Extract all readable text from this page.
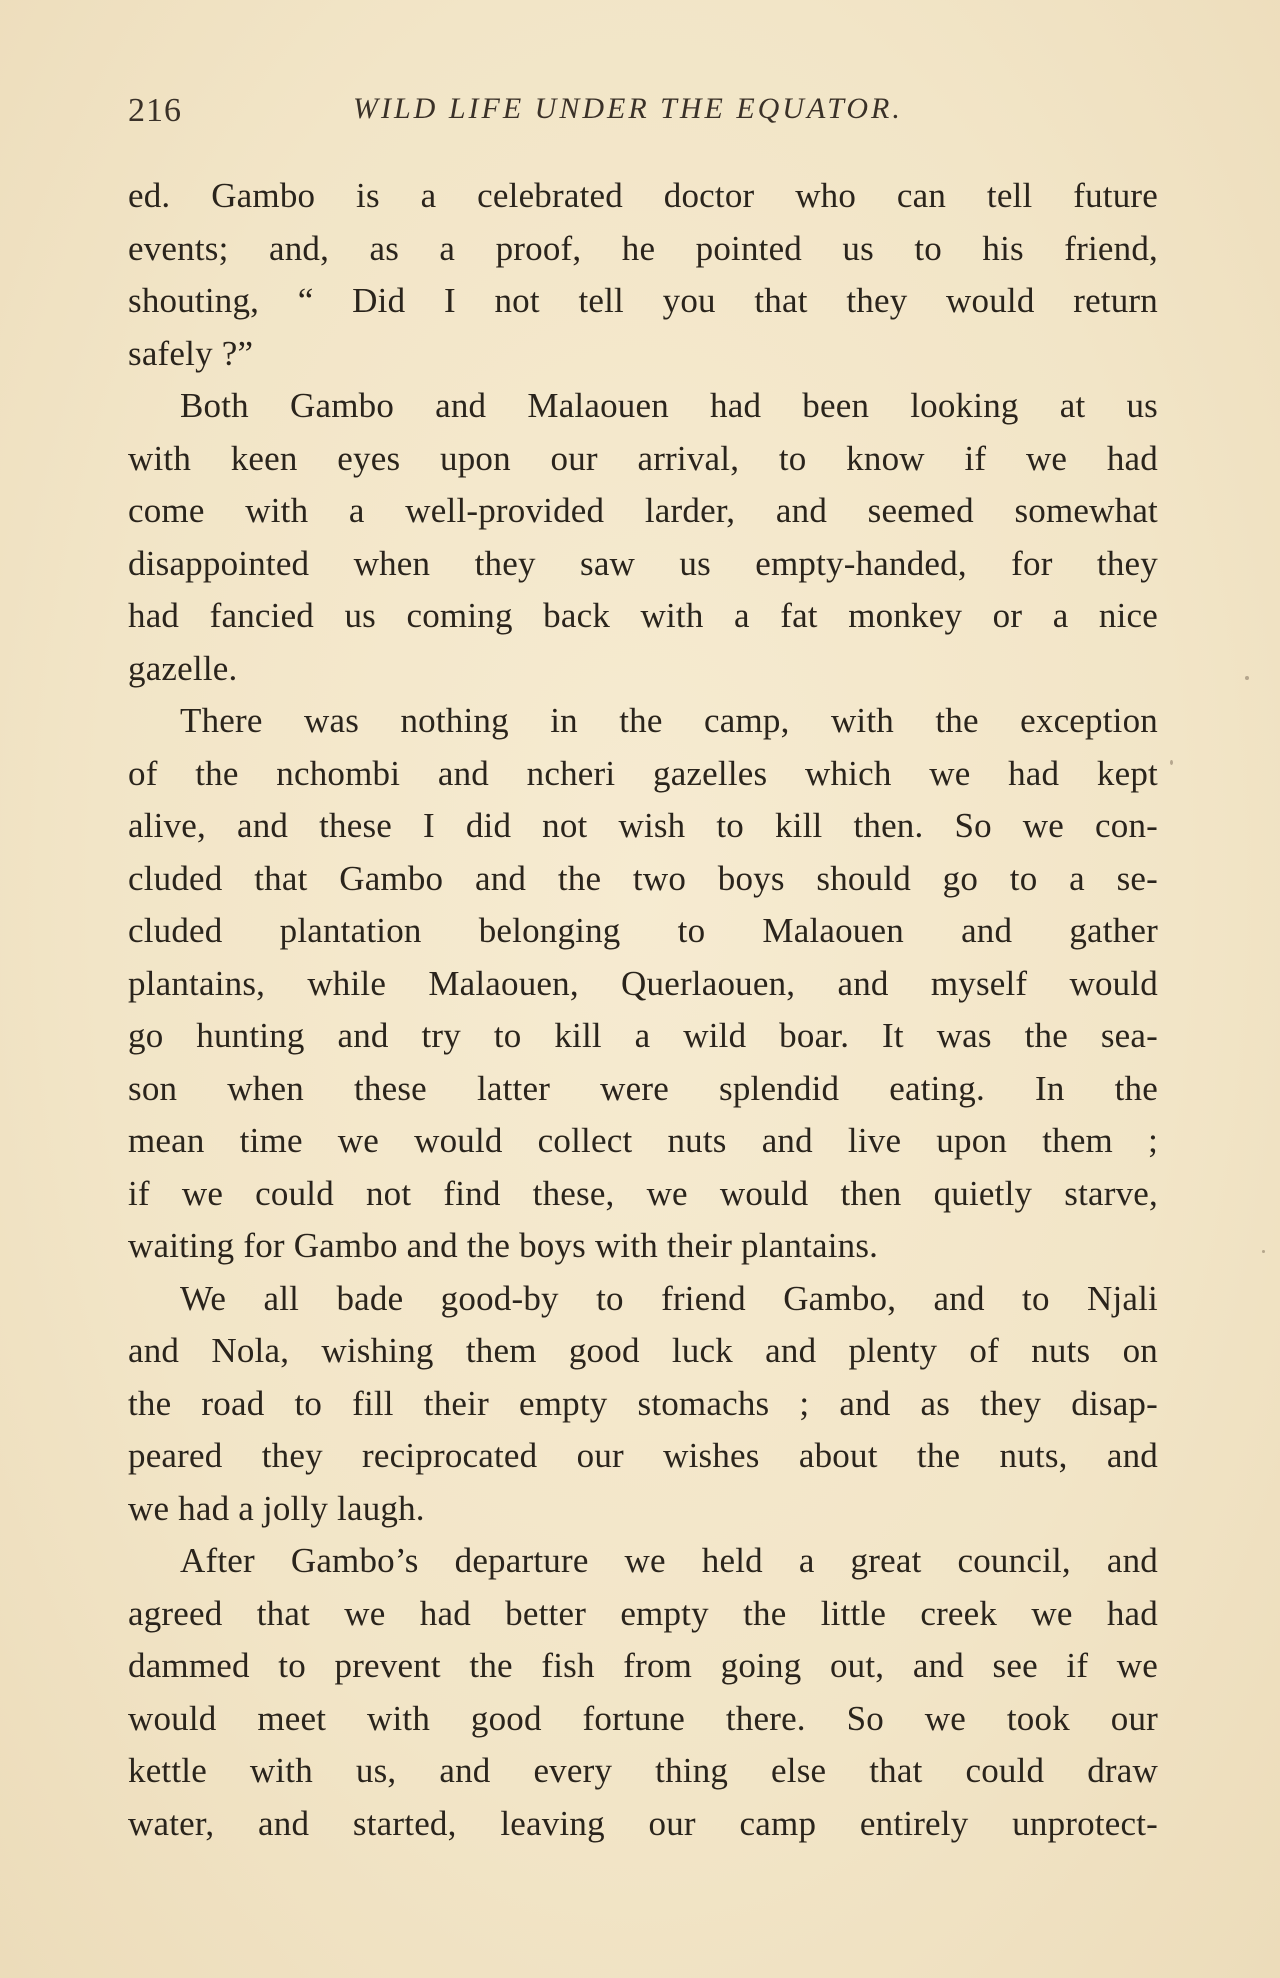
216	WILD LIFE UNDER THE EQUATOR.
ed. Gambo is a celebrated doctor who can tell future
events; and, as a proof, he pointed us to his friend,
shouting, “ Did I not tell you that they would return
safely ?”
Both Gambo and Malaouen had been looking at us
with keen eyes upon our arrival, to know if we had
come with a well-provided larder, and seemed somewhat
disappointed when they saw us empty-handed, for they
had fancied us coming back with a fat monkey or a nice
gazelle.
There was nothing in the camp, with the exception
of the nchombi and ncheri gazelles which we had kept
alive, and these I did not wish to kill then. So we con-
cluded that Gambo and the two boys should go to a se-
cluded plantation belonging to Malaouen and gather
plantains, while Malaouen, Querlaouen, and myself would
go hunting and try to kill a wild boar. It was the sea-
son when these latter were splendid eating. In the
mean time we would collect nuts and live upon them ;
if we could not find these, we would then quietly starve,
waiting for Gambo and the boys with their plantains.
We all bade good-by to friend Gambo, and to Njali
and Nola, wishing them good luck and plenty of nuts on
the road to fill their empty stomachs ; and as they disap-
peared they reciprocated our wishes about the nuts, and
we had a jolly laugh.
After Gambo’s departure we held a great council, and
agreed that we had better empty the little creek we had
dammed to prevent the fish from going out, and see if we
would meet with good fortune there. So we took our
kettle with us, and every thing else that could draw
water, and started, leaving our camp entirely unprotect-
